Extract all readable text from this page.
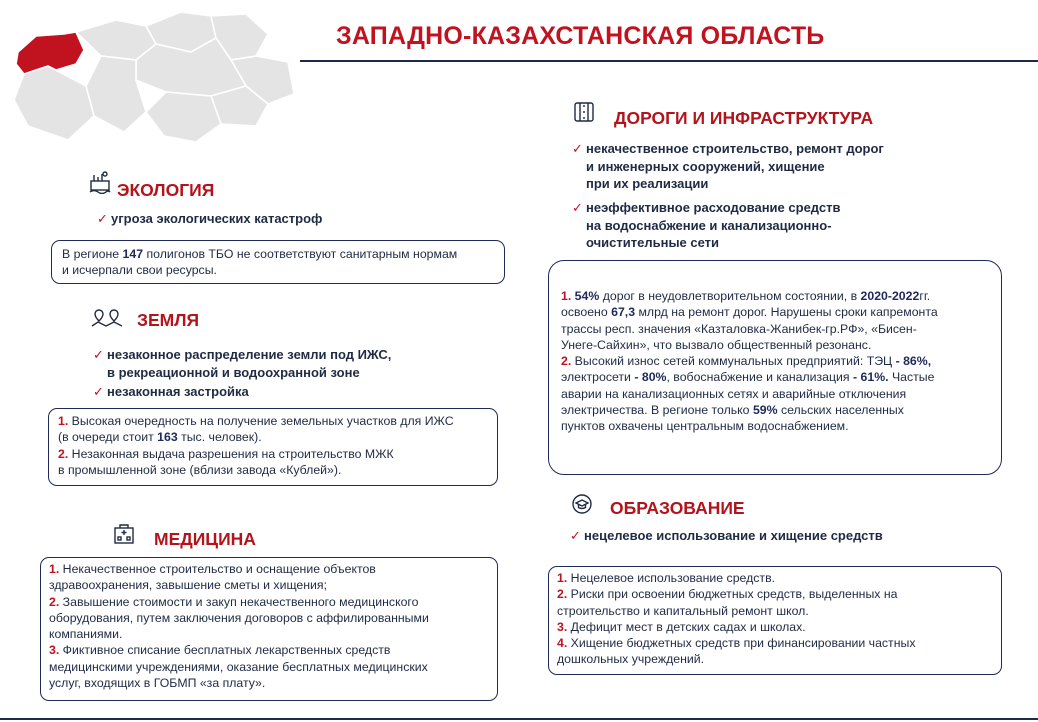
ЗАПАДНО-КАЗАХСТАНСКАЯ ОБЛАСТЬ
ЭКОЛОГИЯ
✓ угроза экологических катастроф
В регионе 147 полигонов ТБО не соответствуют санитарным нормам
и исчерпали свои ресурсы.
ЗЕМЛЯ
✓ незаконное распределение земли под ИЖС,
в рекреационной и водоохранной зоне
✓ незаконная застройка
1. Высокая очередность на получение земельных участков для ИЖС
(в очереди стоит 163 тыс. человек).
2. Незаконная выдача разрешения на строительство МЖК
в промышленной зоне (вблизи завода «Кублей»).
МЕДИЦИНА
1. Некачественное строительство и оснащение объектов
здравоохранения, завышение сметы и хищения;
2. Завышение стоимости и закуп некачественного медицинского
оборудования, путем заключения договоров с аффилированными
компаниями.
3. Фиктивное списание бесплатных лекарственных средств
медицинскими учреждениями, оказание бесплатных медицинских
услуг, входящих в ГОБМП «за плату».
ДОРОГИ И ИНФРАСТРУКТУРА
✓ некачественное строительство, ремонт дорог
и инженерных сооружений, хищение
при их реализации
✓ неэффективное расходование средств
на водоснабжение и канализационно-
очистительные сети
1. 54% дорог в неудовлетворительном состоянии, в 2020-2022гг.
освоено 67,3 млрд на ремонт дорог. Нарушены сроки капремонта
трассы респ. значения «Казталовка-Жанибек-гр.РФ», «Бисен-
Унеге-Сайхин», что вызвало общественный резонанс.
2. Высокий износ сетей коммунальных предприятий: ТЭЦ - 86%,
электросети - 80%, вобоснабжение и канализация - 61%. Частые
аварии на канализационных сетях и аварийные отключения
электричества. В регионе только 59% сельских населенных
пунктов охвачены центральным водоснабжением.
ОБРАЗОВАНИЕ
✓ нецелевое использование и хищение средств
1. Нецелевое использование средств.
2. Риски при освоении бюджетных средств, выделенных на
строительство и капитальный ремонт школ.
3. Дефицит мест в детских садах и школах.
4. Хищение бюджетных средств при финансировании частных
дошкольных учреждений.
